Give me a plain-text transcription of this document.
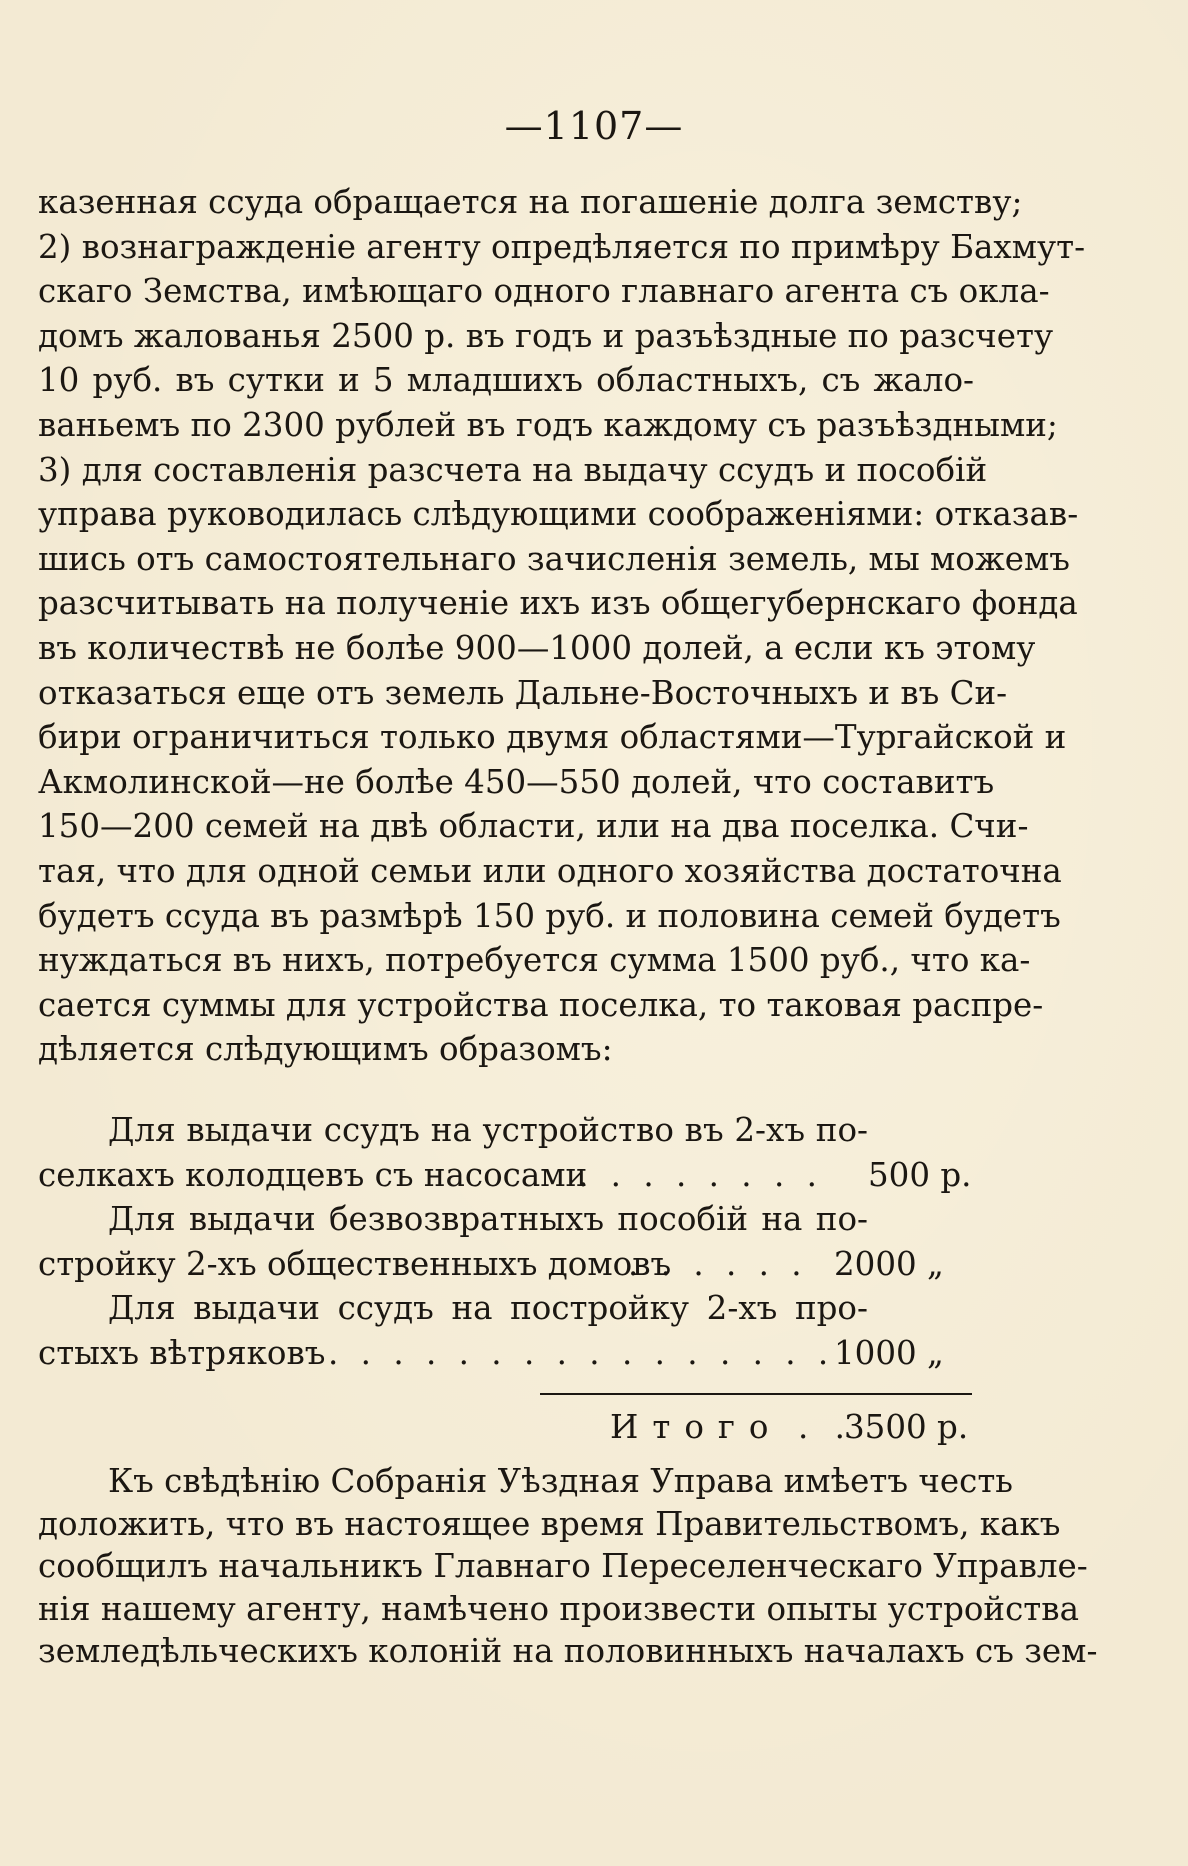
—1107—
казенная ссуда обращается на погашеніе долга земству;
2) вознагражденіе агенту опредѣляется по примѣру Бахмут-
скаго Земства, имѣющаго одного главнаго агента съ окла-
домъ жалованья 2500 р. въ годъ и разъѣздные по разсчету
10 руб. въ сутки и 5 младшихъ областныхъ, съ жало-
ваньемъ по 2300 рублей въ годъ каждому съ разъѣздными;
3) для составленія разсчета на выдачу ссудъ и пособій
управа руководилась слѣдующими соображеніями: отказав-
шись отъ самостоятельнаго зачисленія земель, мы можемъ
разсчитывать на полученіе ихъ изъ общегубернскаго фонда
въ количествѣ не болѣе 900—1000 долей, а если къ этому
отказаться еще отъ земель Дальне-Восточныхъ и въ Си-
бири ограничиться только двумя областями—Тургайской и
Акмолинской—не болѣе 450—550 долей, что составитъ
150—200 семей на двѣ области, или на два поселка. Счи-
тая, что для одной семьи или одного хозяйства достаточна
будетъ ссуда въ размѣрѣ 150 руб. и половина семей будетъ
нуждаться въ нихъ, потребуется сумма 1500 руб., что ка-
сается суммы для устройства поселка, то таковая распре-
дѣляется слѣдующимъ образомъ:
Для выдачи ссудъ на устройство въ 2-хъ по-
селкахъ колодцевъ съ насосами
. . . . . . . . 500 р.
Для выдачи безвозвратныхъ пособій на по-
стройку 2-хъ общественныхъ домовъ
. . . . . . 2000 „
Для выдачи ссудъ на постройку 2-хъ про-
стыхъ вѣтряковъ . . . . . . . . . . . . . . . . 1000 „
Итого . .
3500 р.
Къ свѣдѣнію Собранія Уѣздная Управа имѣетъ честь
доложить, что въ настоящее время Правительствомъ, какъ
сообщилъ начальникъ Главнаго Переселенческаго Управле-
нія нашему агенту, намѣчено произвести опыты устройства
земледѣльческихъ колоній на половинныхъ началахъ съ зем-
